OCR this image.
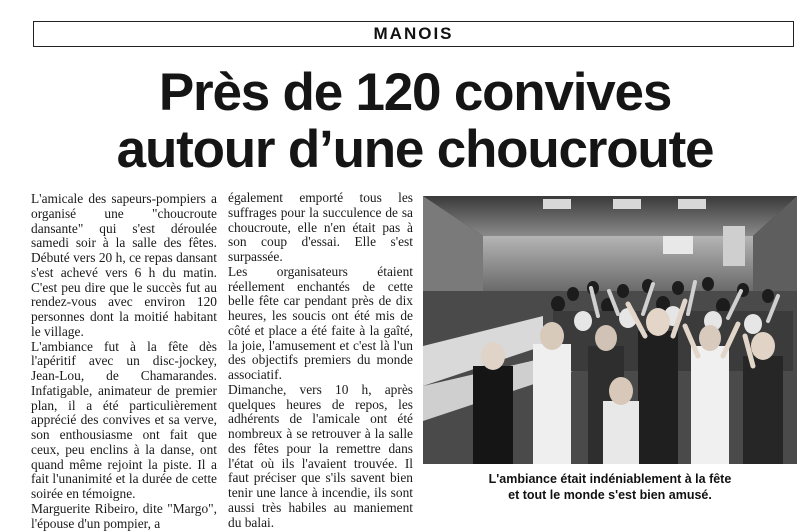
MANOIS
Près de 120 convives
autour d’une choucroute

L'amicale des sapeurs-pompiers a organisé une "choucroute dansante" qui s'est déroulée samedi soir à la salle des fêtes. Débuté vers 20 h, ce repas dansant s'est achevé vers 6 h du matin. C'est peu dire que le succès fut au rendez-vous avec environ 120 personnes dont la moitié habitant le village.

L'ambiance fut à la fête dès l'apéritif avec un disc-jockey, Jean-Lou, de Chamarandes. Infatigable, animateur de premier plan, il a été particulièrement apprécié des convives et sa verve, son enthousiasme ont fait que ceux, peu enclins à la danse, ont quand même rejoint la piste. Il a fait l'unanimité et la durée de cette soirée en témoigne.

Marguerite Ribeiro, dite "Margo", l'épouse d'un pompier, a

également emporté tous les suffrages pour la succulence de sa choucroute, elle n'en était pas à son coup d'essai. Elle s'est surpassée.

Les organisateurs étaient réellement enchantés de cette belle fête car pendant près de dix heures, les soucis ont été mis de côté et place a été faite à la gaîté, la joie, l'amusement et c'est là l'un des objectifs premiers du monde associatif.

Dimanche, vers 10 h, après quelques heures de repos, les adhérents de l'amicale ont été nombreux à se retrouver à la salle des fêtes pour la remettre dans l'état où ils l'avaient trouvée. Il faut préciser que s'ils savent bien tenir une lance à incendie, ils sont aussi très habiles au maniement du balai.

L'ambiance était indéniablement à la fête
et tout le monde s'est bien amusé.
